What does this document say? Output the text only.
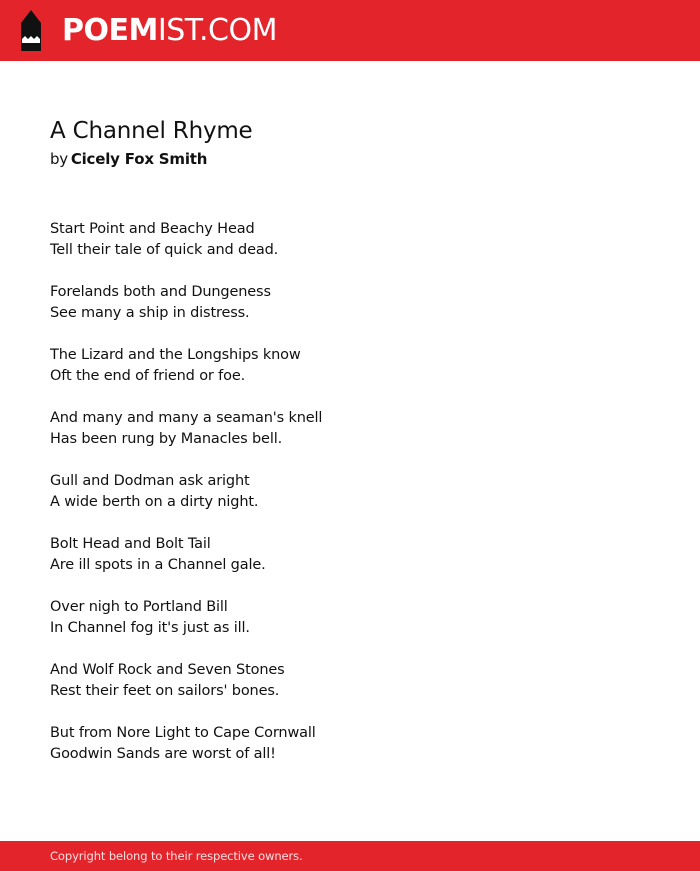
POEMIST.COM
A Channel Rhyme
by Cicely Fox Smith
Start Point and Beachy Head
Tell their tale of quick and dead.
Forelands both and Dungeness
See many a ship in distress.
The Lizard and the Longships know
Oft the end of friend or foe.
And many and many a seaman's knell
Has been rung by Manacles bell.
Gull and Dodman ask aright
A wide berth on a dirty night.
Bolt Head and Bolt Tail
Are ill spots in a Channel gale.
Over nigh to Portland Bill
In Channel fog it's just as ill.
And Wolf Rock and Seven Stones
Rest their feet on sailors' bones.
But from Nore Light to Cape Cornwall
Goodwin Sands are worst of all!
Copyright belong to their respective owners.
